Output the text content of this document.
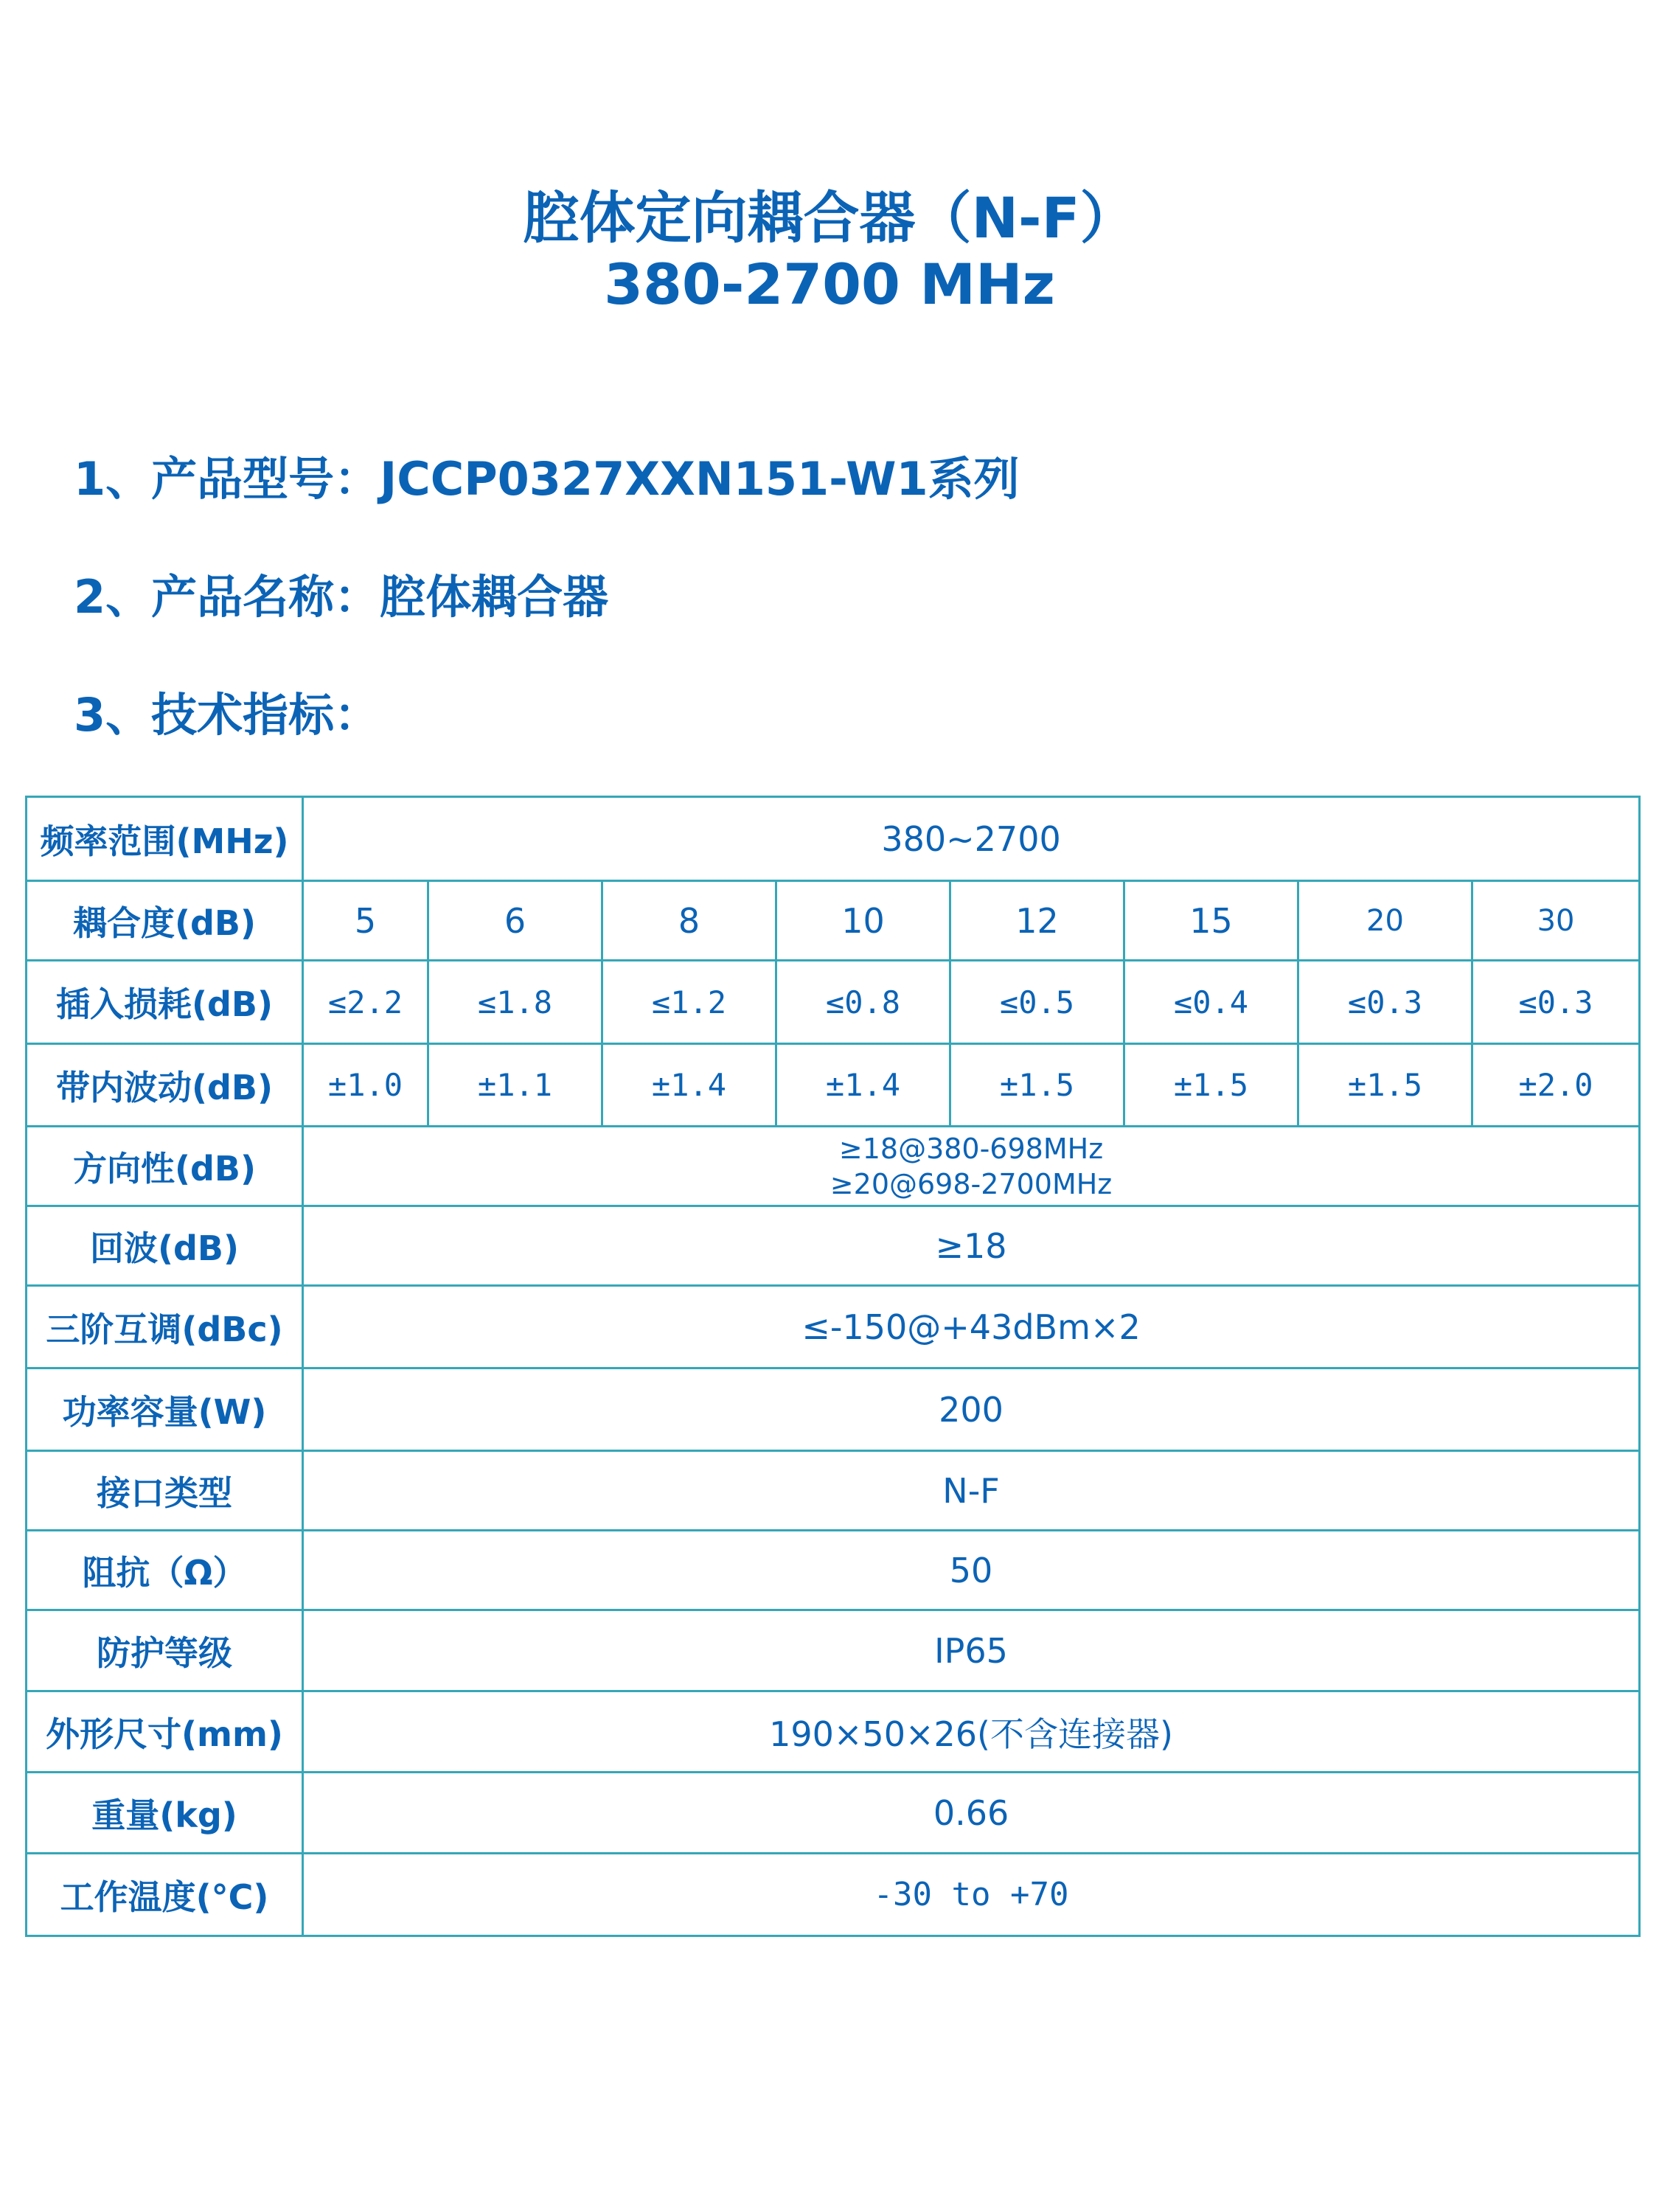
腔体定向耦合器（N-F）
380-2700 MHz
1、产品型号：JCCP0327XXN151-W1系列
2、产品名称：腔体耦合器
3、技术指标：
频率范围(MHz)	380~2700							
耦合度(dB)	5	6	8	10	12	15	20	30
插入损耗(dB)	≤2.2	≤1.8	≤1.2	≤0.8	≤0.5	≤0.4	≤0.3	≤0.3
带内波动(dB)	±1.0	±1.1	±1.4	±1.4	±1.5	±1.5	±1.5	±2.0
方向性(dB)	≥18@380-698MHz
≥20@698-2700MHz							

回波(dB)	≥18							
三阶互调(dBc)	≤-150@+43dBm×2							
功率容量(W)	200							
接口类型	N-F							
阻抗（Ω）	50							
防护等级	IP65							
外形尺寸(mm)	190×50×26(不含连接器)							
重量(kg)	0.66							
工作温度(°C)	-30 to +70							
